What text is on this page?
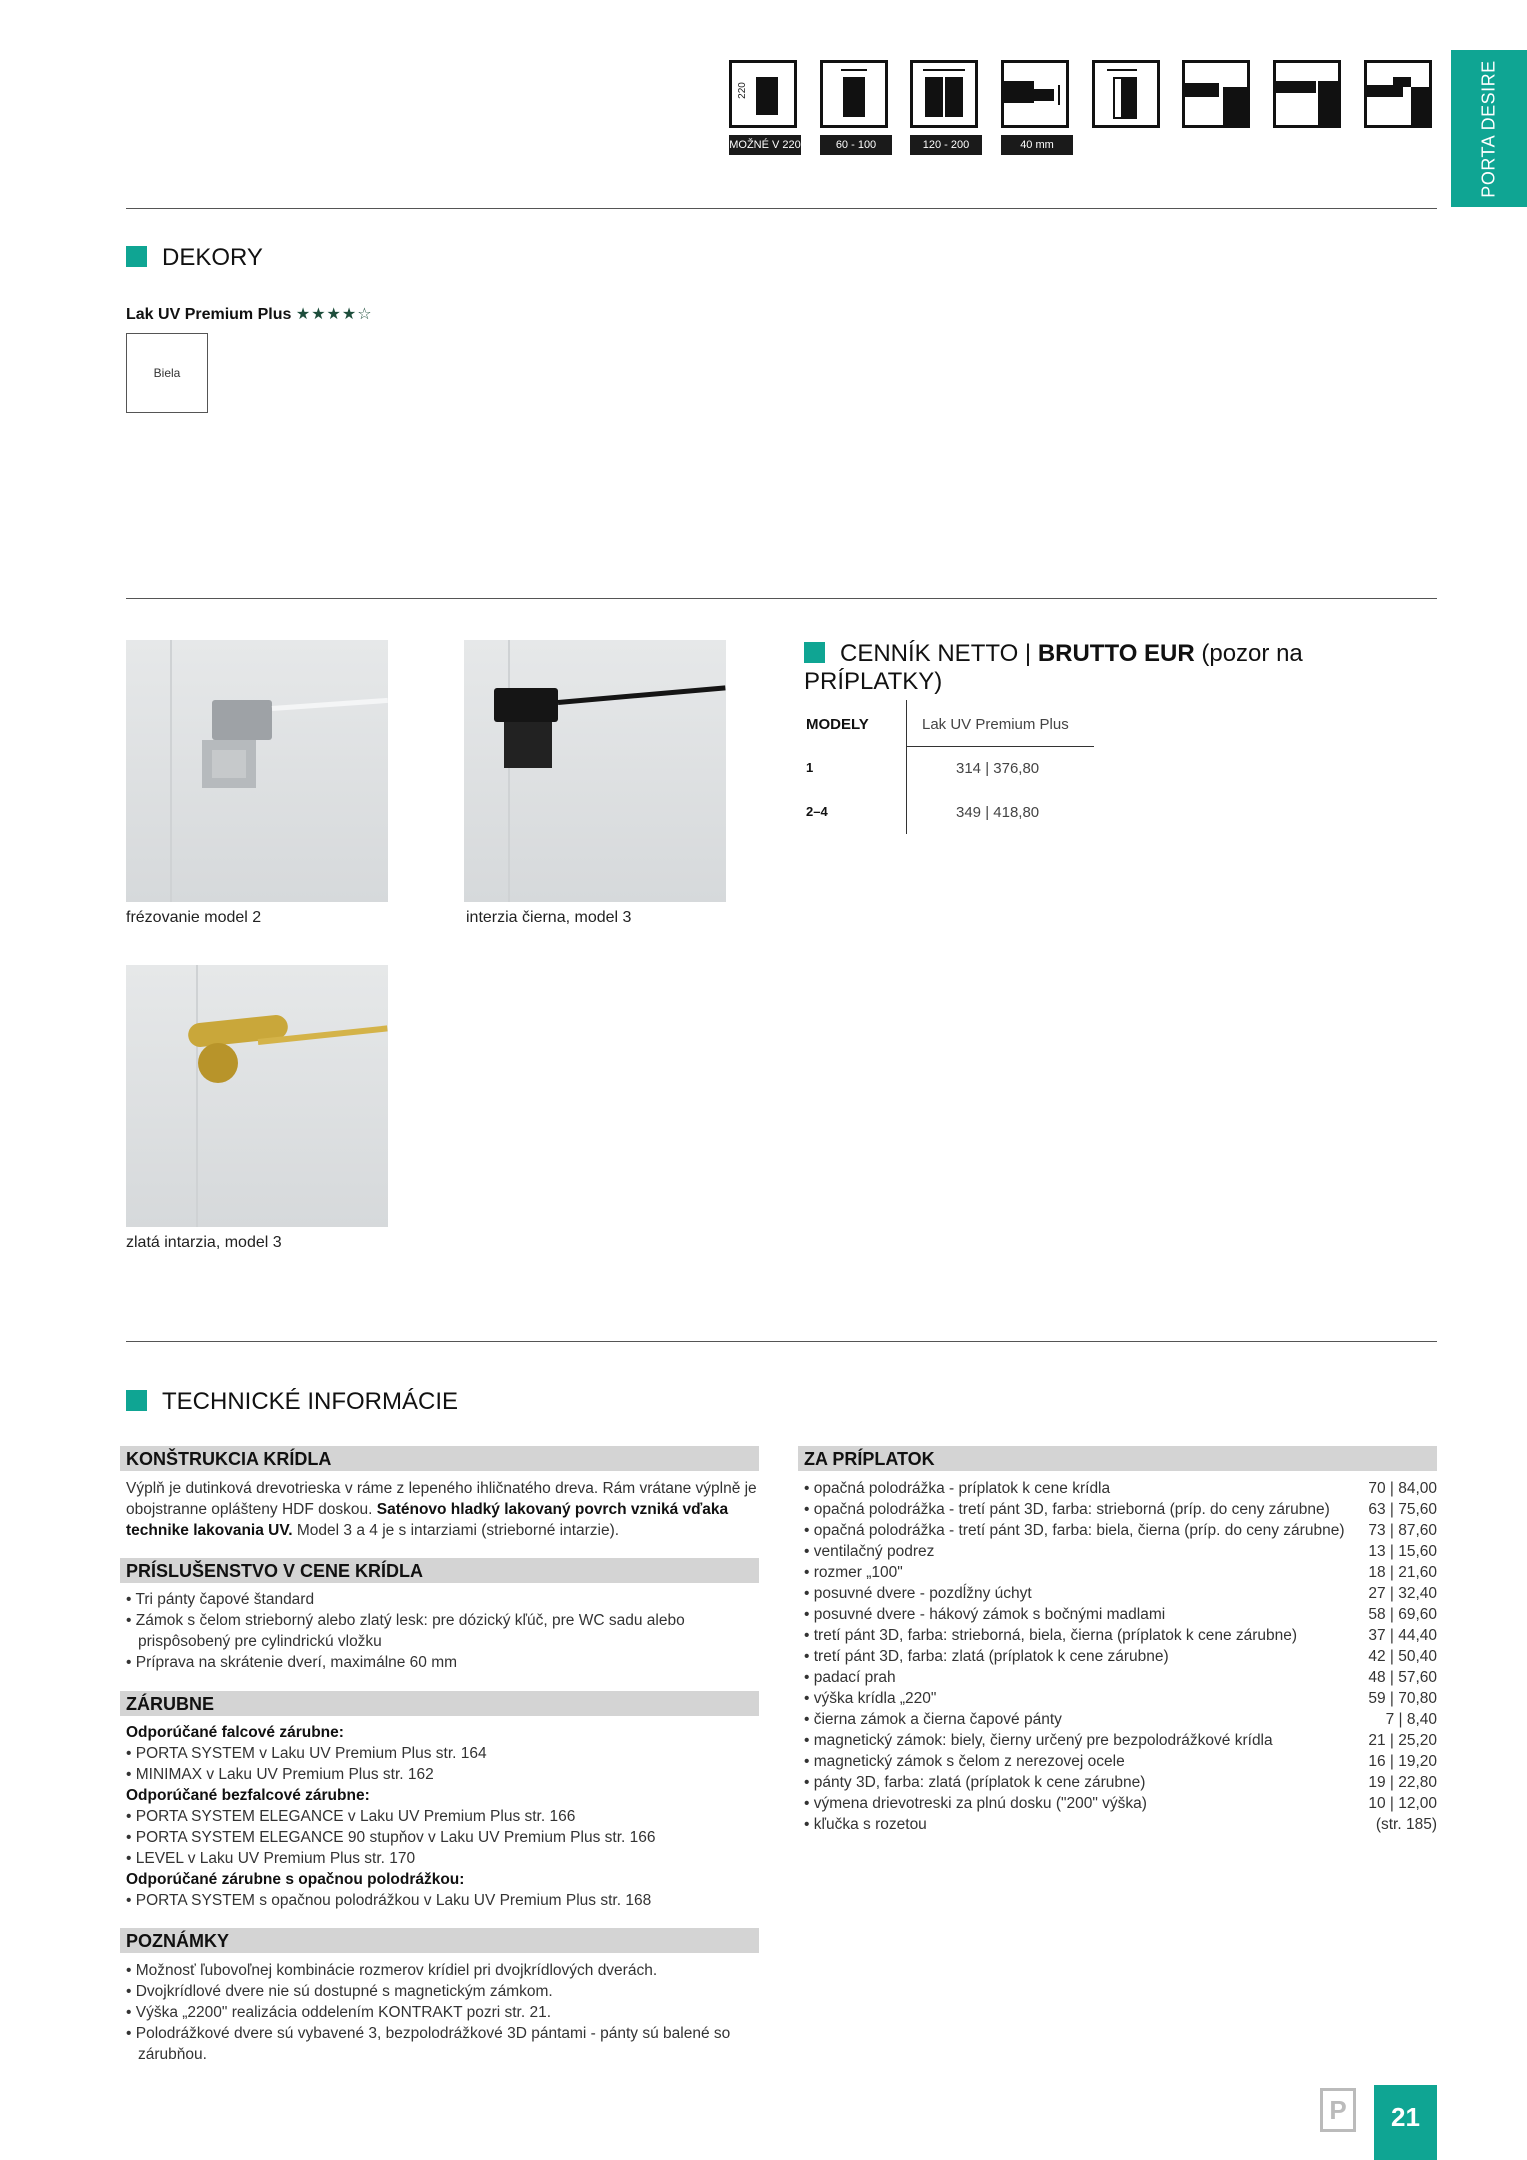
220
MOŽNÉ V 220	60 - 100	120 - 200	40 mm	PORTA DESIRE
DEKORY
Lak UV Premium Plus ★★★★☆
Biela
frézovanie model 2	interzia čierna, model 3
zlatá intarzia, model 3
CENNÍK NETTO | BRUTTO EUR (pozor na PRÍPLATKY)
MODELY	Lak UV Premium Plus
1	314 | 376,80
2–4	349 | 418,80
TECHNICKÉ INFORMÁCIE
KONŠTRUKCIA KRÍDLA
Výplň je dutinková drevotrieska v ráme z lepeného ihličnatého dreva. Rám vrátane výplně je obojstranne oplášteny HDF doskou. Saténovo hladký lakovaný povrch vzniká vďaka technike lakovania UV. Model 3 a 4 je s intarziami (strieborné intarzie).
PRÍSLUŠENSTVO V CENE KRÍDLA
• Tri pánty čapové štandard
• Zámok s čelom strieborný alebo zlatý lesk: pre dózický kľúč, pre WC sadu alebo prispôsobený pre cylindrickú vložku
• Príprava na skrátenie dverí, maximálne 60 mm
ZÁRUBNE
Odporúčané falcové zárubne:
• PORTA SYSTEM v Laku UV Premium Plus str. 164
• MINIMAX v Laku UV Premium Plus str. 162
Odporúčané bezfalcové zárubne:
• PORTA SYSTEM ELEGANCE v Laku UV Premium Plus str. 166
• PORTA SYSTEM ELEGANCE 90 stupňov v Laku UV Premium Plus str. 166
• LEVEL v Laku UV Premium Plus str. 170
Odporúčané zárubne s opačnou polodrážkou:
• PORTA SYSTEM s opačnou polodrážkou v Laku UV Premium Plus str. 168
POZNÁMKY
• Možnosť ľubovoľnej kombinácie rozmerov krídiel pri dvojkrídlových dverách.
• Dvojkrídlové dvere nie sú dostupné s magnetickým zámkom.
• Výška „2200" realizácia oddelením KONTRAKT pozri str. 21.
• Polodrážkové dvere sú vybavené 3, bezpolodrážkové 3D pántami - pánty sú balené so zárubňou.
ZA PRÍPLATOK
• opačná polodrážka - príplatok k cene krídla	70 | 84,00
• opačná polodrážka - tretí pánt 3D, farba: strieborná (príp. do ceny zárubne) 63 | 75,60
• opačná polodrážka - tretí pánt 3D, farba: biela, čierna (príp. do ceny zárubne) 73 | 87,60
• ventilačný podrez	13 | 15,60
• rozmer „100"	18 | 21,60
• posuvné dvere - pozdĺžny úchyt	27 | 32,40
• posuvné dvere - hákový zámok s bočnými madlami	58 | 69,60
• tretí pánt 3D, farba: strieborná, biela, čierna (príplatok k cene zárubne)	37 | 44,40
• tretí pánt 3D, farba: zlatá (príplatok k cene zárubne)	42 | 50,40
• padací prah	48 | 57,60
• výška krídla „220"	59 | 70,80
• čierna zámok a čierna čapové pánty	7 | 8,40
• magnetický zámok: biely, čierny určený pre bezpolodrážkové krídla	21 | 25,20
• magnetický zámok s čelom z nerezovej ocele	16 | 19,20
• pánty 3D, farba: zlatá (príplatok k cene zárubne)	19 | 22,80
• výmena drievotreski za plnú dosku ("200" výška)	10 | 12,00
• kľučka s rozetou	(str. 185)
P	21
